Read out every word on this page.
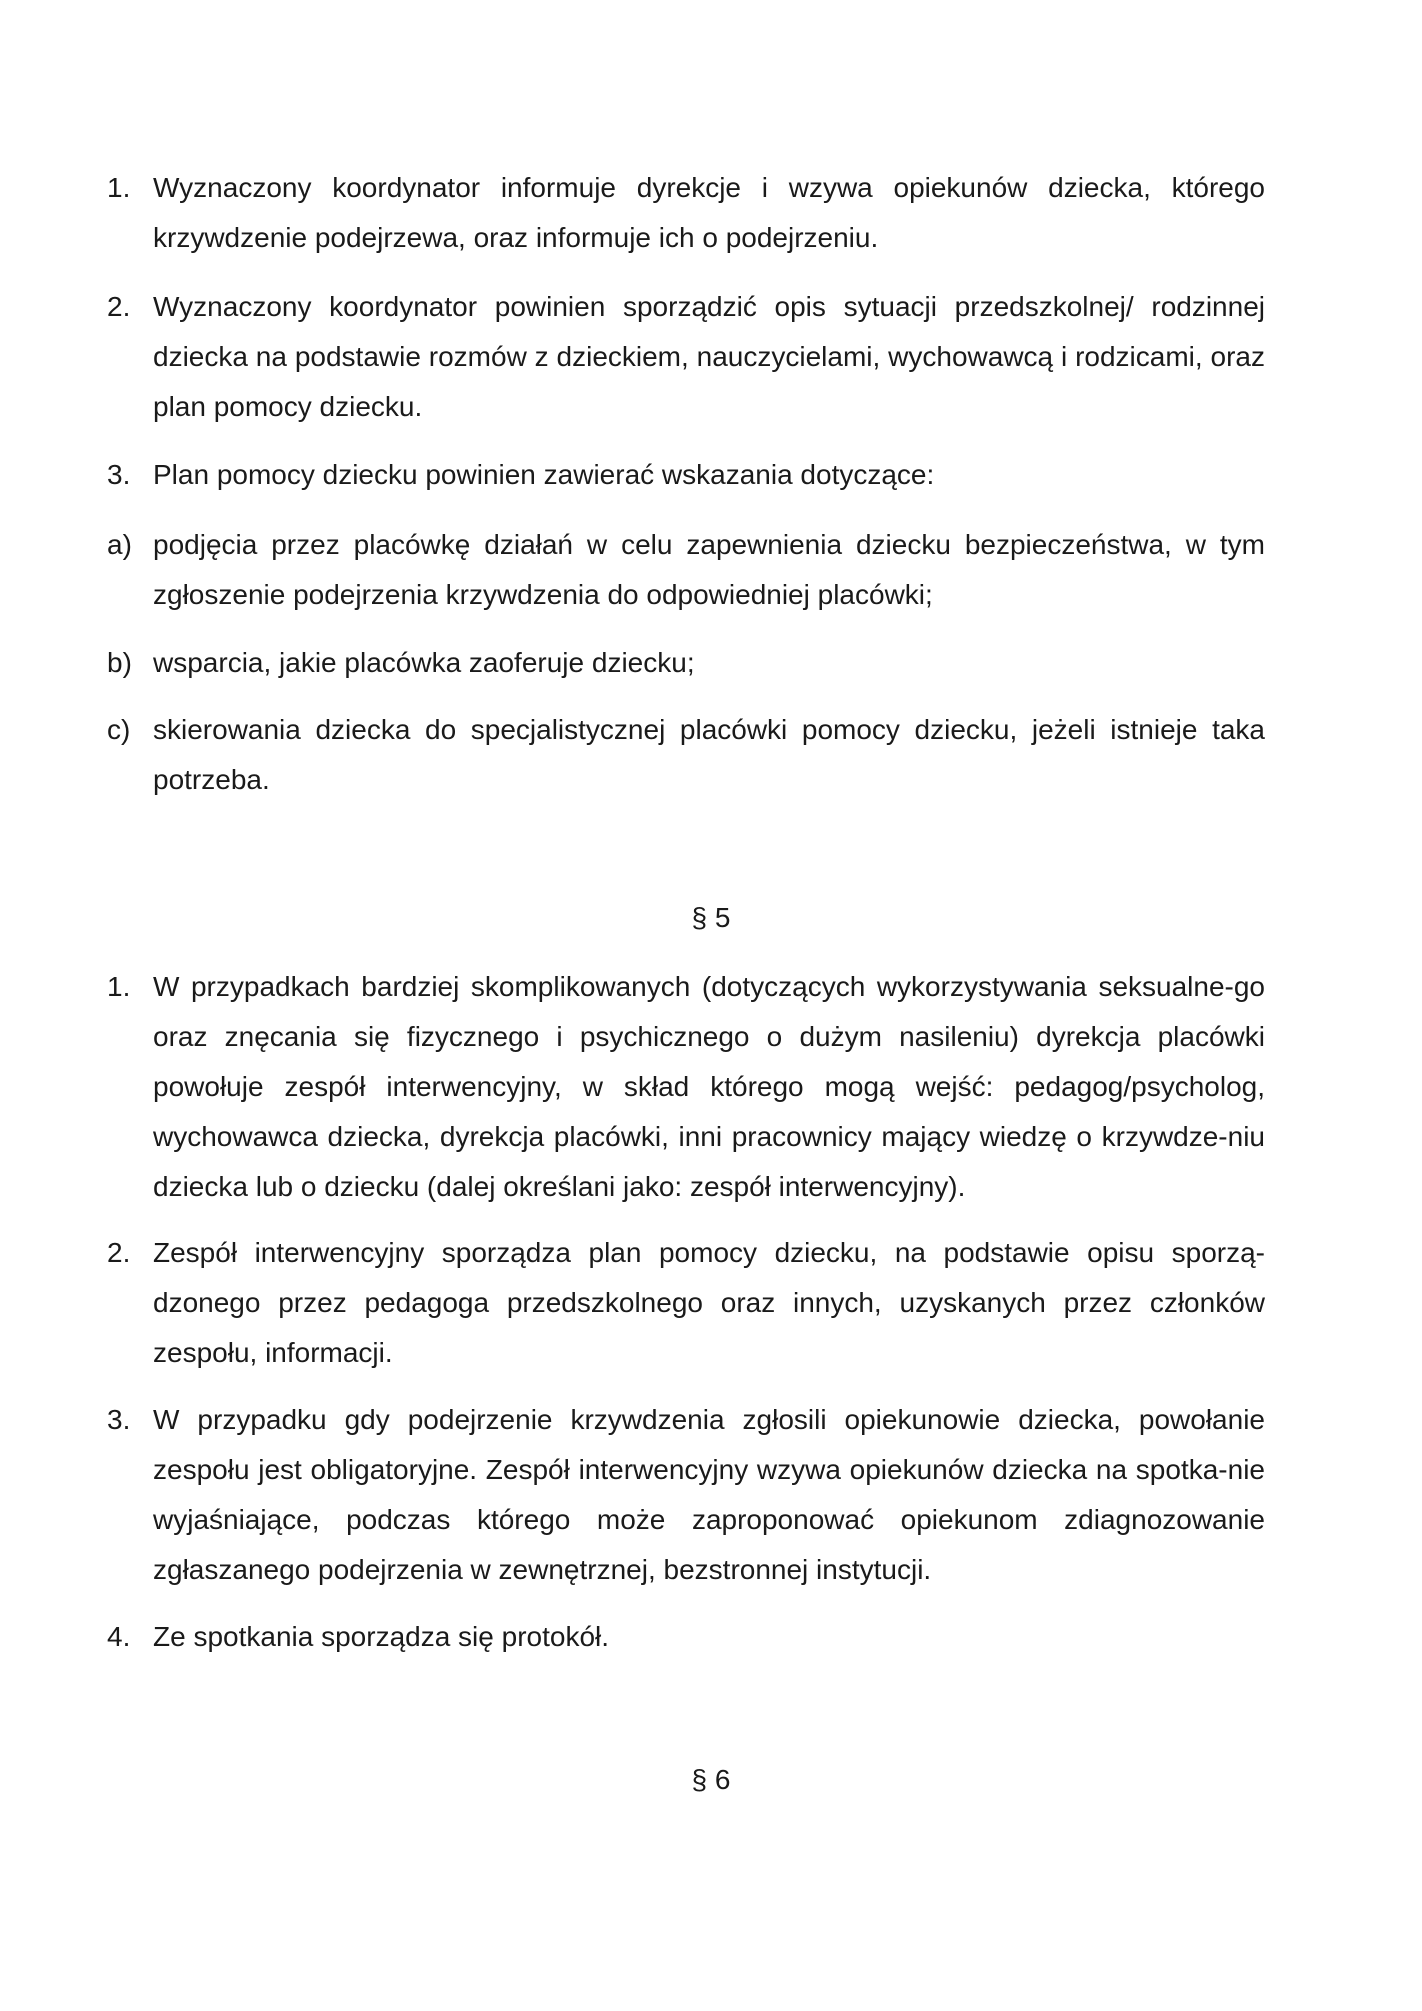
1. Wyznaczony koordynator informuje dyrekcje i wzywa opiekunów dziecka, którego krzywdzenie podejrzewa, oraz informuje ich o podejrzeniu.
2. Wyznaczony koordynator powinien sporządzić opis sytuacji przedszkolnej/ rodzinnej dziecka na podstawie rozmów z dzieckiem, nauczycielami, wychowawcą i rodzicami, oraz plan pomocy dziecku.
3. Plan pomocy dziecku powinien zawierać wskazania dotyczące:
a) podjęcia przez placówkę działań w celu zapewnienia dziecku bezpieczeństwa, w tym zgłoszenie podejrzenia krzywdzenia do odpowiedniej placówki;
b) wsparcia, jakie placówka zaoferuje dziecku;
c) skierowania dziecka do specjalistycznej placówki pomocy dziecku, jeżeli istnieje taka potrzeba.
§ 5
1. W przypadkach bardziej skomplikowanych (dotyczących wykorzystywania seksualne-go oraz znęcania się fizycznego i psychicznego o dużym nasileniu) dyrekcja placówki powołuje zespół interwencyjny, w skład którego mogą wejść: pedagog/psycholog, wychowawca dziecka, dyrekcja placówki, inni pracownicy mający wiedzę o krzywdze-niu dziecka lub o dziecku (dalej określani jako: zespół interwencyjny).
2. Zespół interwencyjny sporządza plan pomocy dziecku, na podstawie opisu sporzą-dzonego przez pedagoga przedszkolnego oraz innych, uzyskanych przez członków zespołu, informacji.
3. W przypadku gdy podejrzenie krzywdzenia zgłosili opiekunowie dziecka, powołanie zespołu jest obligatoryjne. Zespół interwencyjny wzywa opiekunów dziecka na spotka-nie wyjaśniające, podczas którego może zaproponować opiekunom zdiagnozowanie zgłaszanego podejrzenia w zewnętrznej, bezstronnej instytucji.
4. Ze spotkania sporządza się protokół.
§ 6
